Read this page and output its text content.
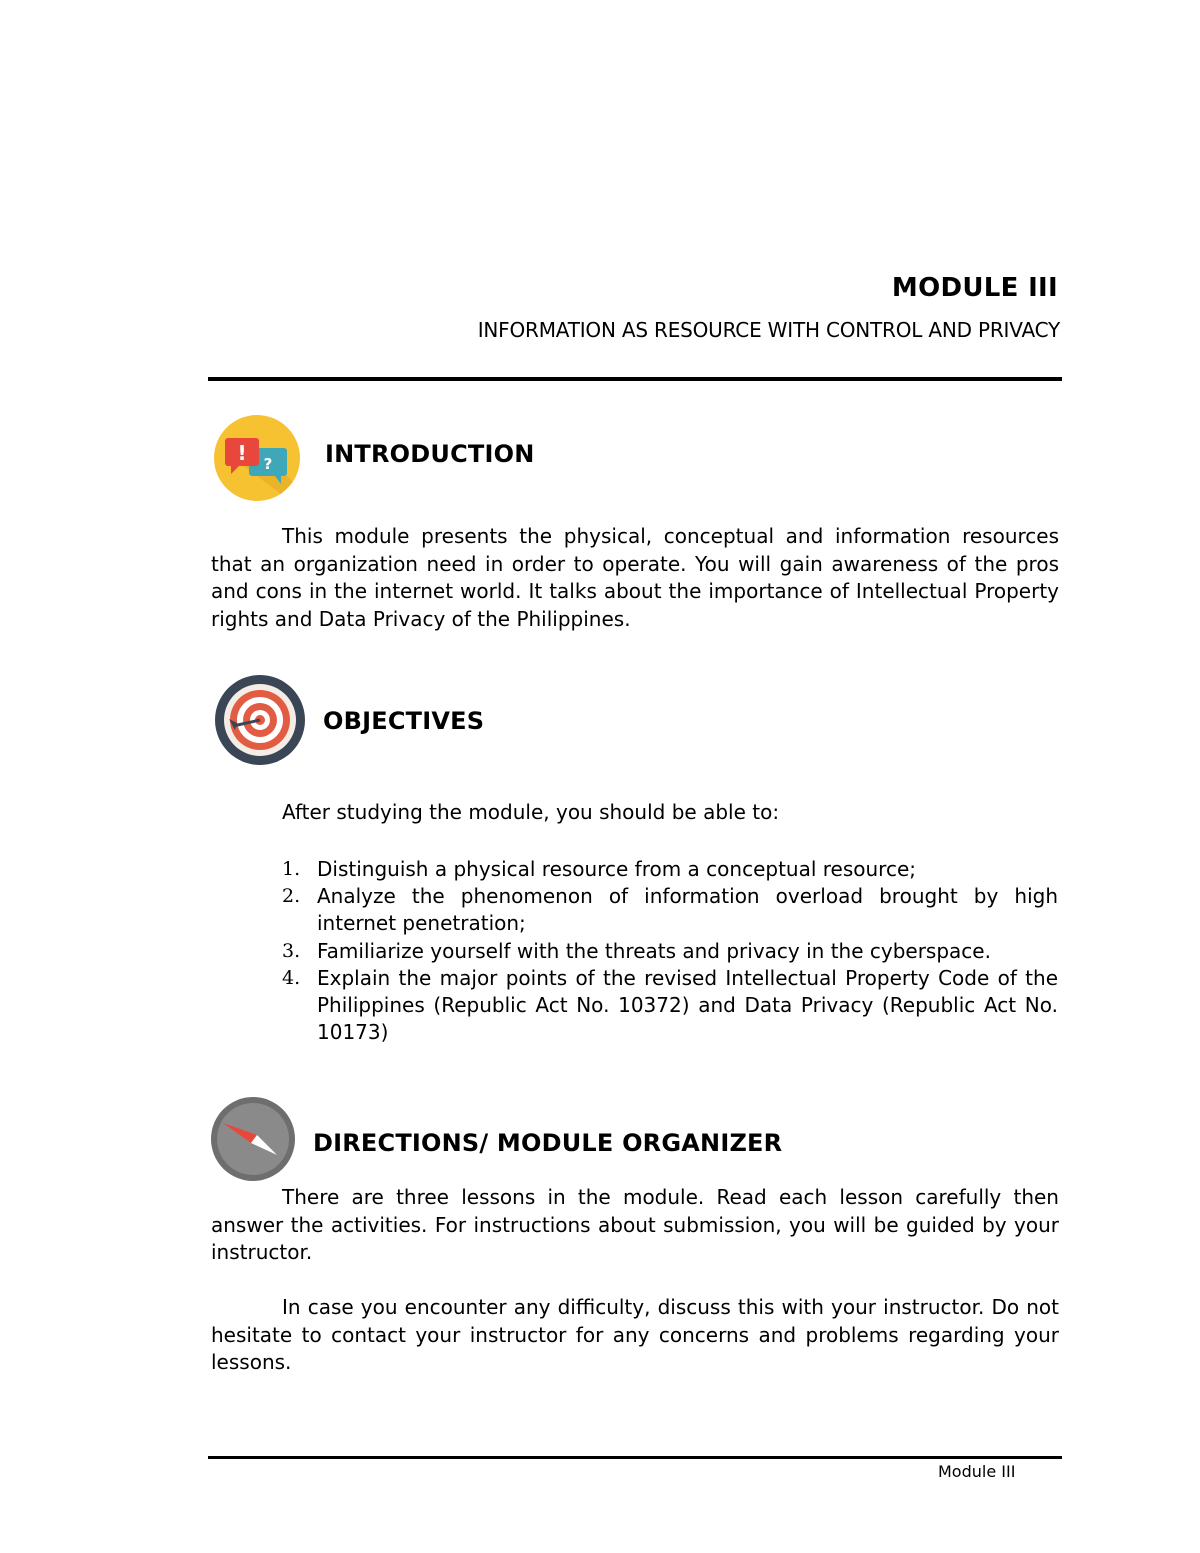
MODULE III
INFORMATION AS RESOURCE WITH CONTROL AND PRIVACY
?
!	INTRODUCTION

This module presents the physical, conceptual and information resources that an organization need in order to operate. You will gain awareness of the pros and cons in the internet world. It talks about the importance of Intellectual Property rights and Data Privacy of the Philippines.

OBJECTIVES
After studying the module, you should be able to:
1. Distinguish a physical resource from a conceptual resource;
2. Analyze the phenomenon of information overload brought by high internet penetration;
3. Familiarize yourself with the threats and privacy in the cyberspace.
4. Explain the major points of the revised Intellectual Property Code of the Philippines (Republic Act No. 10372) and Data Privacy (Republic Act No. 10173)
DIRECTIONS/ MODULE ORGANIZER

There are three lessons in the module. Read each lesson carefully then answer the activities. For instructions about submission, you will be guided by your instructor.

In case you encounter any difficulty, discuss this with your instructor. Do not hesitate to contact your instructor for any concerns and problems regarding your lessons.

Module III
